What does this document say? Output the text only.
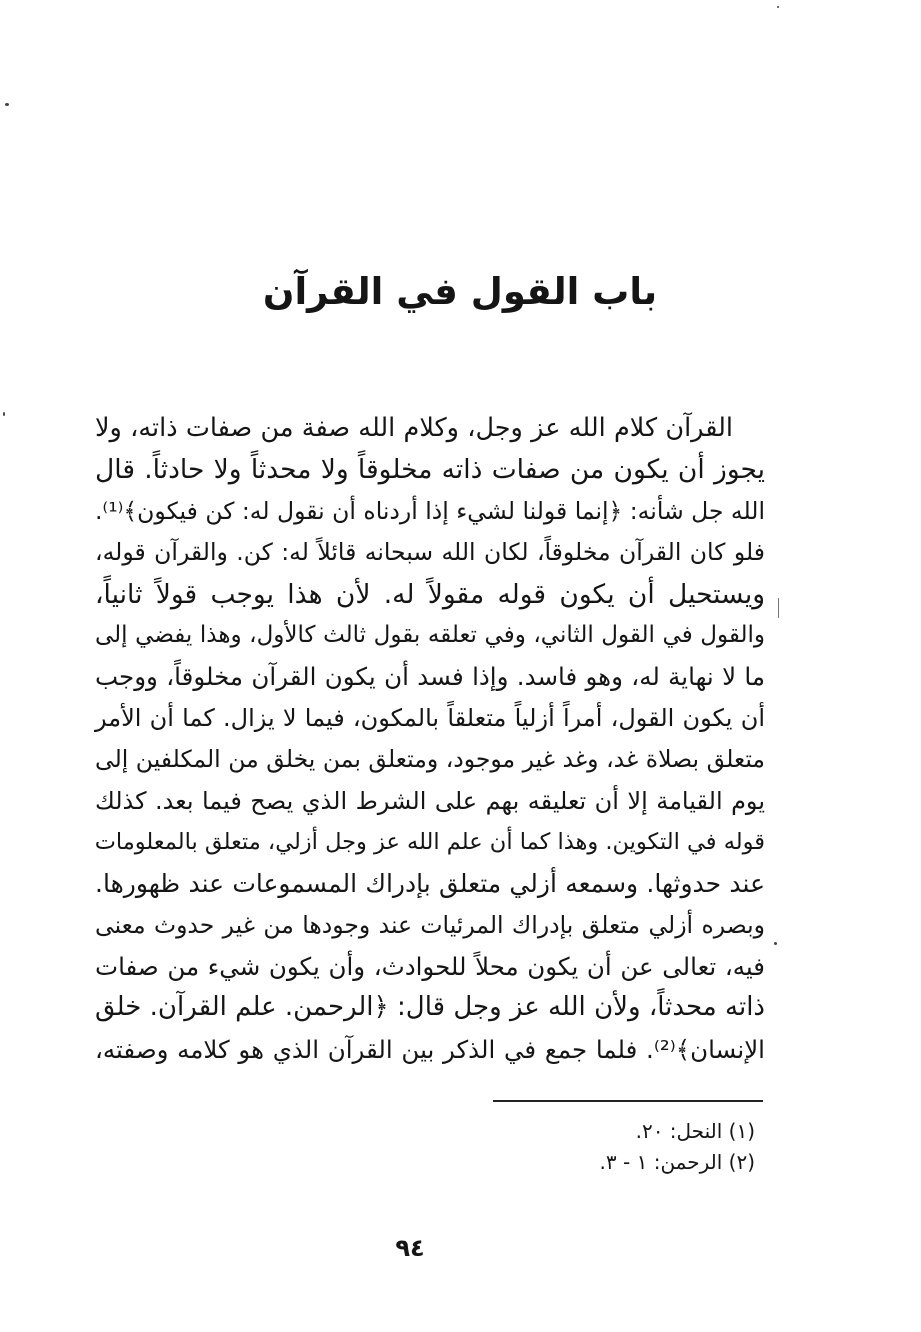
باب القول في القرآن
القرآن كلام الله عز وجل، وكلام الله صفة من صفات ذاته، ولا
يجوز أن يكون من صفات ذاته مخلوقاً ولا محدثاً ولا حادثاً. قال
الله جل شأنه: ﴿إنما قولنا لشيء إذا أردناه أن نقول له: كن فيكون﴾⁽¹⁾.
فلو كان القرآن مخلوقاً، لكان الله سبحانه قائلاً له: كن. والقرآن قوله،
ويستحيل أن يكون قوله مقولاً له. لأن هذا يوجب قولاً ثانياً،
والقول في القول الثاني، وفي تعلقه بقول ثالث كالأول، وهذا يفضي إلى
ما لا نهاية له، وهو فاسد. وإذا فسد أن يكون القرآن مخلوقاً، ووجب
أن يكون القول، أمراً أزلياً متعلقاً بالمكون، فيما لا يزال. كما أن الأمر
متعلق بصلاة غد، وغد غير موجود، ومتعلق بمن يخلق من المكلفين إلى
يوم القيامة إلا أن تعليقه بهم على الشرط الذي يصح فيما بعد. كذلك
قوله في التكوين. وهذا كما أن علم الله عز وجل أزلي، متعلق بالمعلومات
عند حدوثها. وسمعه أزلي متعلق بإدراك المسموعات عند ظهورها.
وبصره أزلي متعلق بإدراك المرئيات عند وجودها من غير حدوث معنى
فيه، تعالى عن أن يكون محلاً للحوادث، وأن يكون شيء من صفات
ذاته محدثاً، ولأن الله عز وجل قال: ﴿الرحمن. علم القرآن. خلق
الإنسان﴾⁽²⁾. فلما جمع في الذكر بين القرآن الذي هو كلامه وصفته،
(١) النحل: ٢٠.
(٢) الرحمن: ١ - ٣.
٩٤
